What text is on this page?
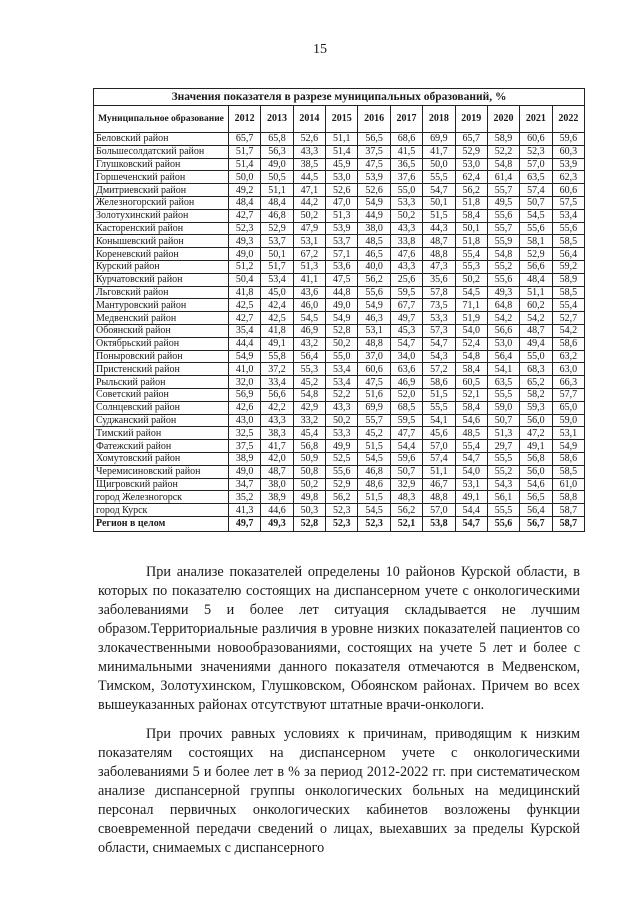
15
Значения показателя в разрезе муниципальных образований, %											
Муниципальное образование	2012	2013	2014	2015	2016	2017	2018	2019	2020	2021	2022
Беловский район	65,7	65,8	52,6	51,1	56,5	68,6	69,9	65,7	58,9	60,6	59,6
Большесолдатский район	51,7	56,3	43,3	51,4	37,5	41,5	41,7	52,9	52,2	52,3	60,3
Глушковский район	51,4	49,0	38,5	45,9	47,5	36,5	50,0	53,0	54,8	57,0	53,9
Горшеченский район	50,0	50,5	44,5	53,0	53,9	37,6	55,5	62,4	61,4	63,5	62,3
Дмитриевский район	49,2	51,1	47,1	52,6	52,6	55,0	54,7	56,2	55,7	57,4	60,6
Железногорский район	48,4	48,4	44,2	47,0	54,9	53,3	50,1	51,8	49,5	50,7	57,5
Золотухинский район	42,7	46,8	50,2	51,3	44,9	50,2	51,5	58,4	55,6	54,5	53,4
Касторенский район	52,3	52,9	47,9	53,9	38,0	43,3	44,3	50,1	55,7	55,6	55,6
Конышевский район	49,3	53,7	53,1	53,7	48,5	33,8	48,7	51,8	55,9	58,1	58,5
Кореневский район	49,0	50,1	67,2	57,1	46,5	47,6	48,8	55,4	54,8	52,9	56,4
Курский район	51,2	51,7	51,3	53,6	40,0	43,3	47,3	55,3	55,2	56,6	59,2
Курчатовский район	50,4	53,4	41,1	47,5	56,2	25,6	35,6	50,2	55,6	48,4	58,9
Льговский район	41,8	45,0	43,6	44,8	55,6	59,5	57,8	54,5	49,3	51,1	58,5
Мантуровский район	42,5	42,4	46,0	49,0	54,9	67,7	73,5	71,1	64,8	60,2	55,4
Медвенский район	42,7	42,5	54,5	54,9	46,3	49,7	53,3	51,9	54,2	54,2	52,7
Обоянский район	35,4	41,8	46,9	52,8	53,1	45,3	57,3	54,0	56,6	48,7	54,2
Октябрьский район	44,4	49,1	43,2	50,2	48,8	54,7	54,7	52,4	53,0	49,4	58,6
Поныровский район	54,9	55,8	56,4	55,0	37,0	34,0	54,3	54,8	56,4	55,0	63,2
Пристенский район	41,0	37,2	55,3	53,4	60,6	63,6	57,2	58,4	54,1	68,3	63,0
Рыльский район	32,0	33,4	45,2	53,4	47,5	46,9	58,6	60,5	63,5	65,2	66,3
Советский район	56,9	56,6	54,8	52,2	51,6	52,0	51,5	52,1	55,5	58,2	57,7
Солнцевский район	42,6	42,2	42,9	43,3	69,9	68,5	55,5	58,4	59,0	59,3	65,0
Суджанский район	43,0	43,3	33,2	50,2	55,7	59,5	54,1	54,6	50,7	56,0	59,0
Тимский район	32,5	38,3	45,4	53,3	45,2	47,7	45,6	48,5	51,3	47,2	53,1
Фатежский район	37,5	41,7	56,8	49,9	51,5	54,4	57,0	55,4	29,7	49,1	54,9
Хомутовский район	38,9	42,0	50,9	52,5	54,5	59,6	57,4	54,7	55,5	56,8	58,6
Черемисиновский район	49,0	48,7	50,8	55,6	46,8	50,7	51,1	54,0	55,2	56,0	58,5
Щигровский район	34,7	38,0	50,2	52,9	48,6	32,9	46,7	53,1	54,3	54,6	61,0
город Железногорск	35,2	38,9	49,8	56,2	51,5	48,3	48,8	49,1	56,1	56,5	58,8
город Курск	41,3	44,6	50,3	52,3	54,5	56,2	57,0	54,4	55,5	56,4	58,7
Регион в целом	49,7	49,3	52,8	52,3	52,3	52,1	53,8	54,7	55,6	56,7	58,7

При анализе показателей определены 10 районов Курской области, в которых по показателю состоящих на диспансерном учете с онкологическими заболеваниями 5 и более лет ситуация складывается не лучшим образом.Территориальные различия в уровне низких показателей пациентов со злокачественными новообразованиями, состоящих на учете 5 лет и более с минимальными значениями данного показателя отмечаются в Медвенском, Тимском, Золотухинском, Глушковском, Обоянском районах. Причем во всех вышеуказанных районах отсутствуют штатные врачи-онкологи.

При прочих равных условиях к причинам, приводящим к низким показателям состоящих на диспансерном учете с онкологическими заболеваниями 5 и более лет в % за период 2012-2022 гг. при систематическом анализе диспансерной группы онкологических больных на медицинский персонал первичных онкологических кабинетов возложены функции своевременной передачи сведений о лицах, выехавших за пределы Курской области, снимаемых с диспансерного
